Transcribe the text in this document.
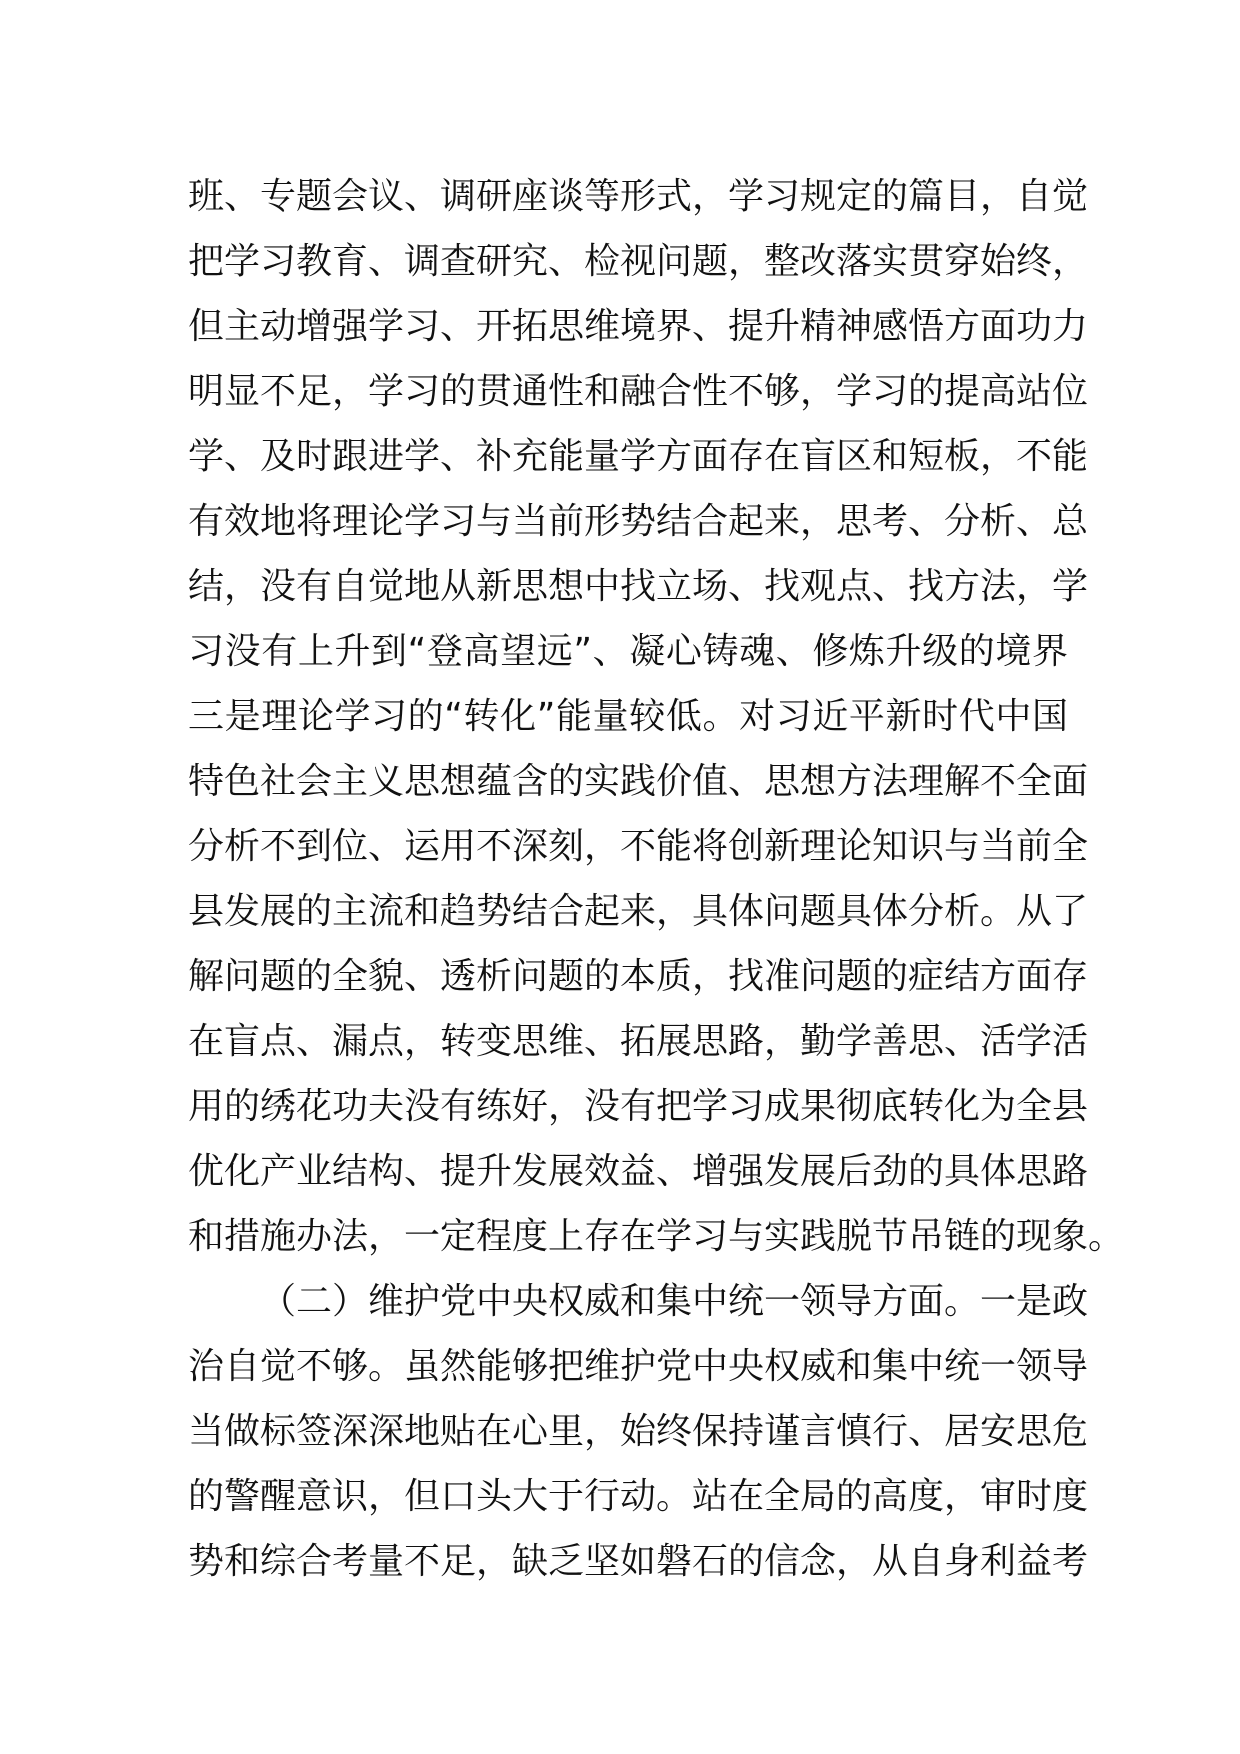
班、专题会议、调研座谈等形式，学习规定的篇目，自觉
把学习教育、调查研究、检视问题，整改落实贯穿始终，
但主动增强学习、开拓思维境界、提升精神感悟方面功力
明显不足，学习的贯通性和融合性不够，学习的提高站位
学、及时跟进学、补充能量学方面存在盲区和短板，不能
有效地将理论学习与当前形势结合起来，思考、分析、总
结，没有自觉地从新思想中找立场、找观点、找方法，学
习没有上升到“登高望远”、凝心铸魂、修炼升级的境界
三是理论学习的“转化”能量较低。对习近平新时代中国
特色社会主义思想蕴含的实践价值、思想方法理解不全面
分析不到位、运用不深刻，不能将创新理论知识与当前全
县发展的主流和趋势结合起来，具体问题具体分析。从了
解问题的全貌、透析问题的本质，找准问题的症结方面存
在盲点、漏点，转变思维、拓展思路，勤学善思、活学活
用的绣花功夫没有练好，没有把学习成果彻底转化为全县
优化产业结构、提升发展效益、增强发展后劲的具体思路
和措施办法，一定程度上存在学习与实践脱节吊链的现象。
（二）维护党中央权威和集中统一领导方面。一是政
治自觉不够。虽然能够把维护党中央权威和集中统一领导
当做标签深深地贴在心里，始终保持谨言慎行、居安思危
的警醒意识，但口头大于行动。站在全局的高度，审时度
势和综合考量不足，缺乏坚如磐石的信念，从自身利益考
